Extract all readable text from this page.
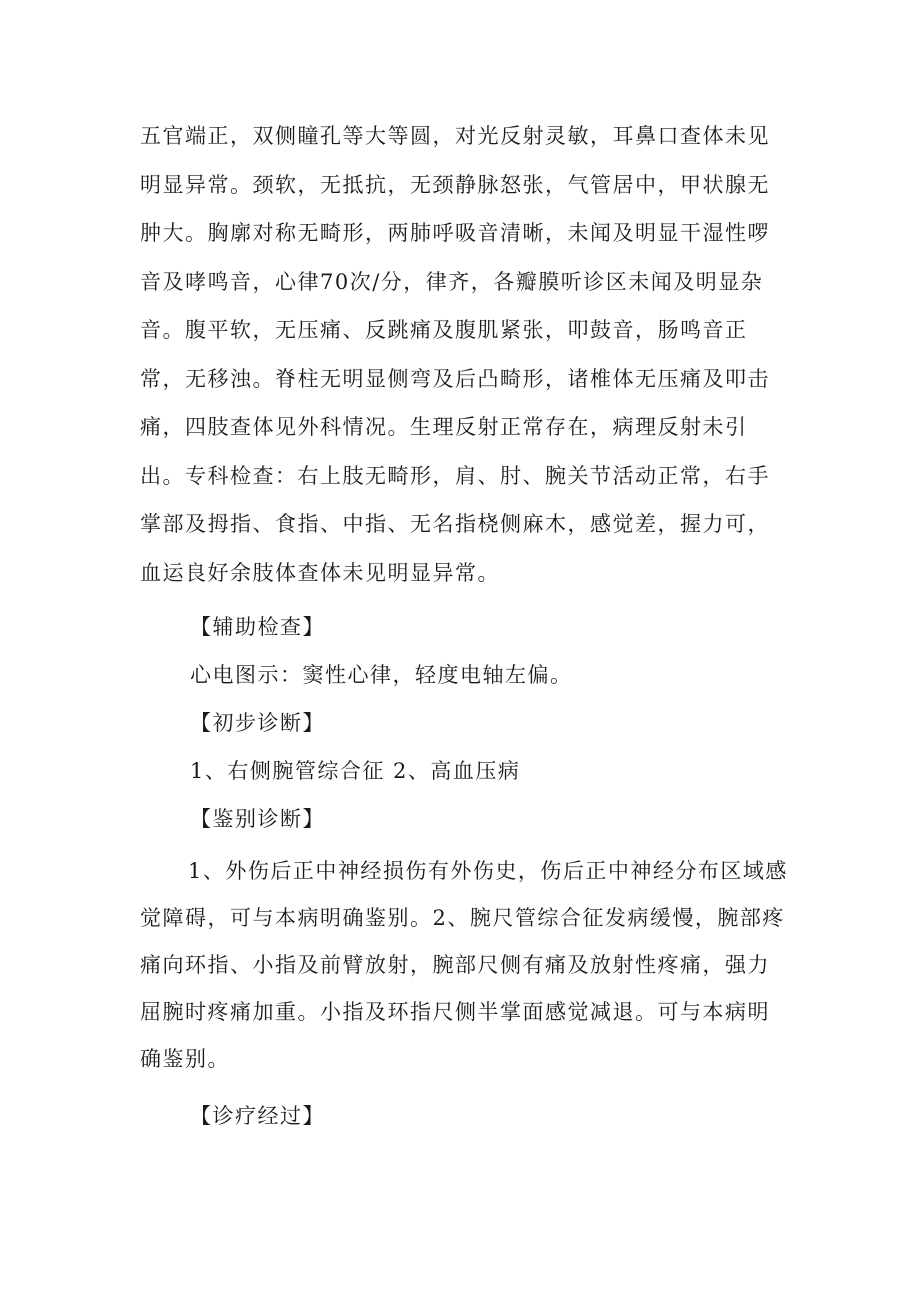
五官端正，双侧瞳孔等大等圆，对光反射灵敏，耳鼻口查体未见明显异常。颈软，无抵抗，无颈静脉怒张，气管居中，甲状腺无肿大。胸廓对称无畸形，两肺呼吸音清晰，未闻及明显干湿性啰音及哮鸣音，心律70次/分，律齐，各瓣膜听诊区未闻及明显杂音。腹平软，无压痛、反跳痛及腹肌紧张，叩鼓音，肠鸣音正常，无移浊。脊柱无明显侧弯及后凸畸形，诸椎体无压痛及叩击痛，四肢查体见外科情况。生理反射正常存在，病理反射未引出。专科检查：右上肢无畸形，肩、肘、腕关节活动正常，右手掌部及拇指、食指、中指、无名指桡侧麻木，感觉差，握力可，血运良好余肢体查体未见明显异常。

【辅助检查】

心电图示：窦性心律，轻度电轴左偏。

【初步诊断】

1、右侧腕管综合征 2、高血压病

【鉴别诊断】

1、外伤后正中神经损伤有外伤史，伤后正中神经分布区域感觉障碍，可与本病明确鉴别。2、腕尺管综合征发病缓慢，腕部疼痛向环指、小指及前臂放射，腕部尺侧有痛及放射性疼痛，强力屈腕时疼痛加重。小指及环指尺侧半掌面感觉减退。可与本病明确鉴别。

【诊疗经过】
